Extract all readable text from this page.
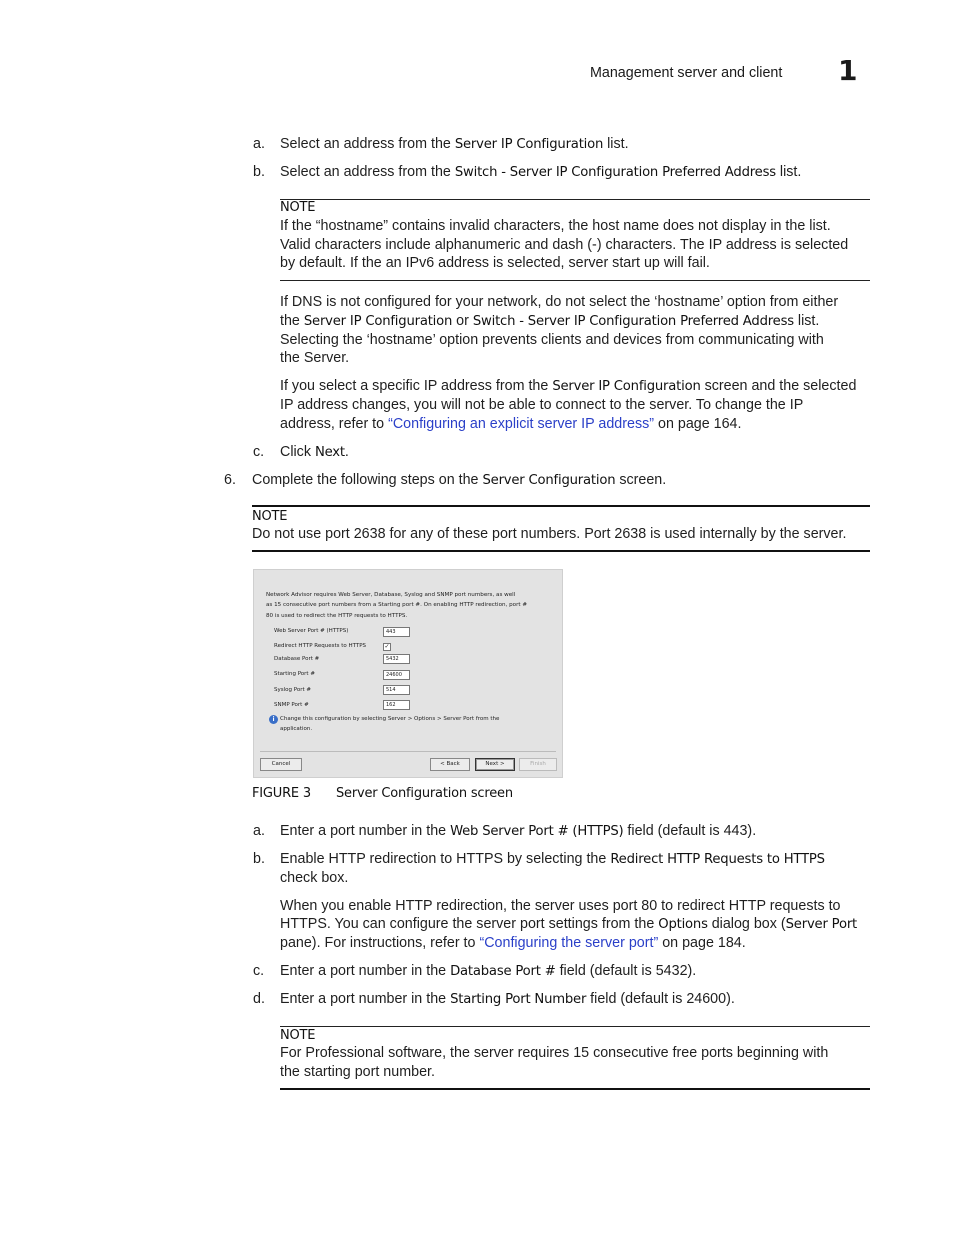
Management server and client 1
a. Select an address from the Server IP Configuration list.
b. Select an address from the Switch - Server IP Configuration Preferred Address list.
NOTE
If the “hostname” contains invalid characters, the host name does not display in the list.
Valid characters include alphanumeric and dash (-) characters. The IP address is selected
by default. If the an IPv6 address is selected, server start up will fail.
If DNS is not configured for your network, do not select the ‘hostname’ option from either
the Server IP Configuration or Switch - Server IP Configuration Preferred Address list.
Selecting the ‘hostname’ option prevents clients and devices from communicating with
the Server.
If you select a specific IP address from the Server IP Configuration screen and the selected
IP address changes, you will not be able to connect to the server. To change the IP
address, refer to “Configuring an explicit server IP address” on page 164.
c. Click Next.
6. Complete the following steps on the Server Configuration screen.
NOTE
Do not use port 2638 for any of these port numbers. Port 2638 is used internally by the server.
Network Advisor requires Web Server, Database, Syslog and SNMP port numbers, as well
as 15 consecutive port numbers from a Starting port #. On enabling HTTP redirection, port #
80 is used to redirect the HTTP requests to HTTPS.
Web Server Port # (HTTPS)	443
Redirect HTTP Requests to HTTPS	✓
Database Port #	5432
Starting Port #	24600
Syslog Port #	514
SNMP Port #	162
i Change this configuration by selecting Server > Options > Server Port from the
application.
Cancel	< Back	Next >	Finish
FIGURE 3 Server Configuration screen
a. Enter a port number in the Web Server Port # (HTTPS) field (default is 443).
b. Enable HTTP redirection to HTTPS by selecting the Redirect HTTP Requests to HTTPS
check box.
When you enable HTTP redirection, the server uses port 80 to redirect HTTP requests to
HTTPS. You can configure the server port settings from the Options dialog box (Server Port
pane). For instructions, refer to “Configuring the server port” on page 184.
c. Enter a port number in the Database Port # field (default is 5432).
d. Enter a port number in the Starting Port Number field (default is 24600).
NOTE
For Professional software, the server requires 15 consecutive free ports beginning with
the starting port number.
